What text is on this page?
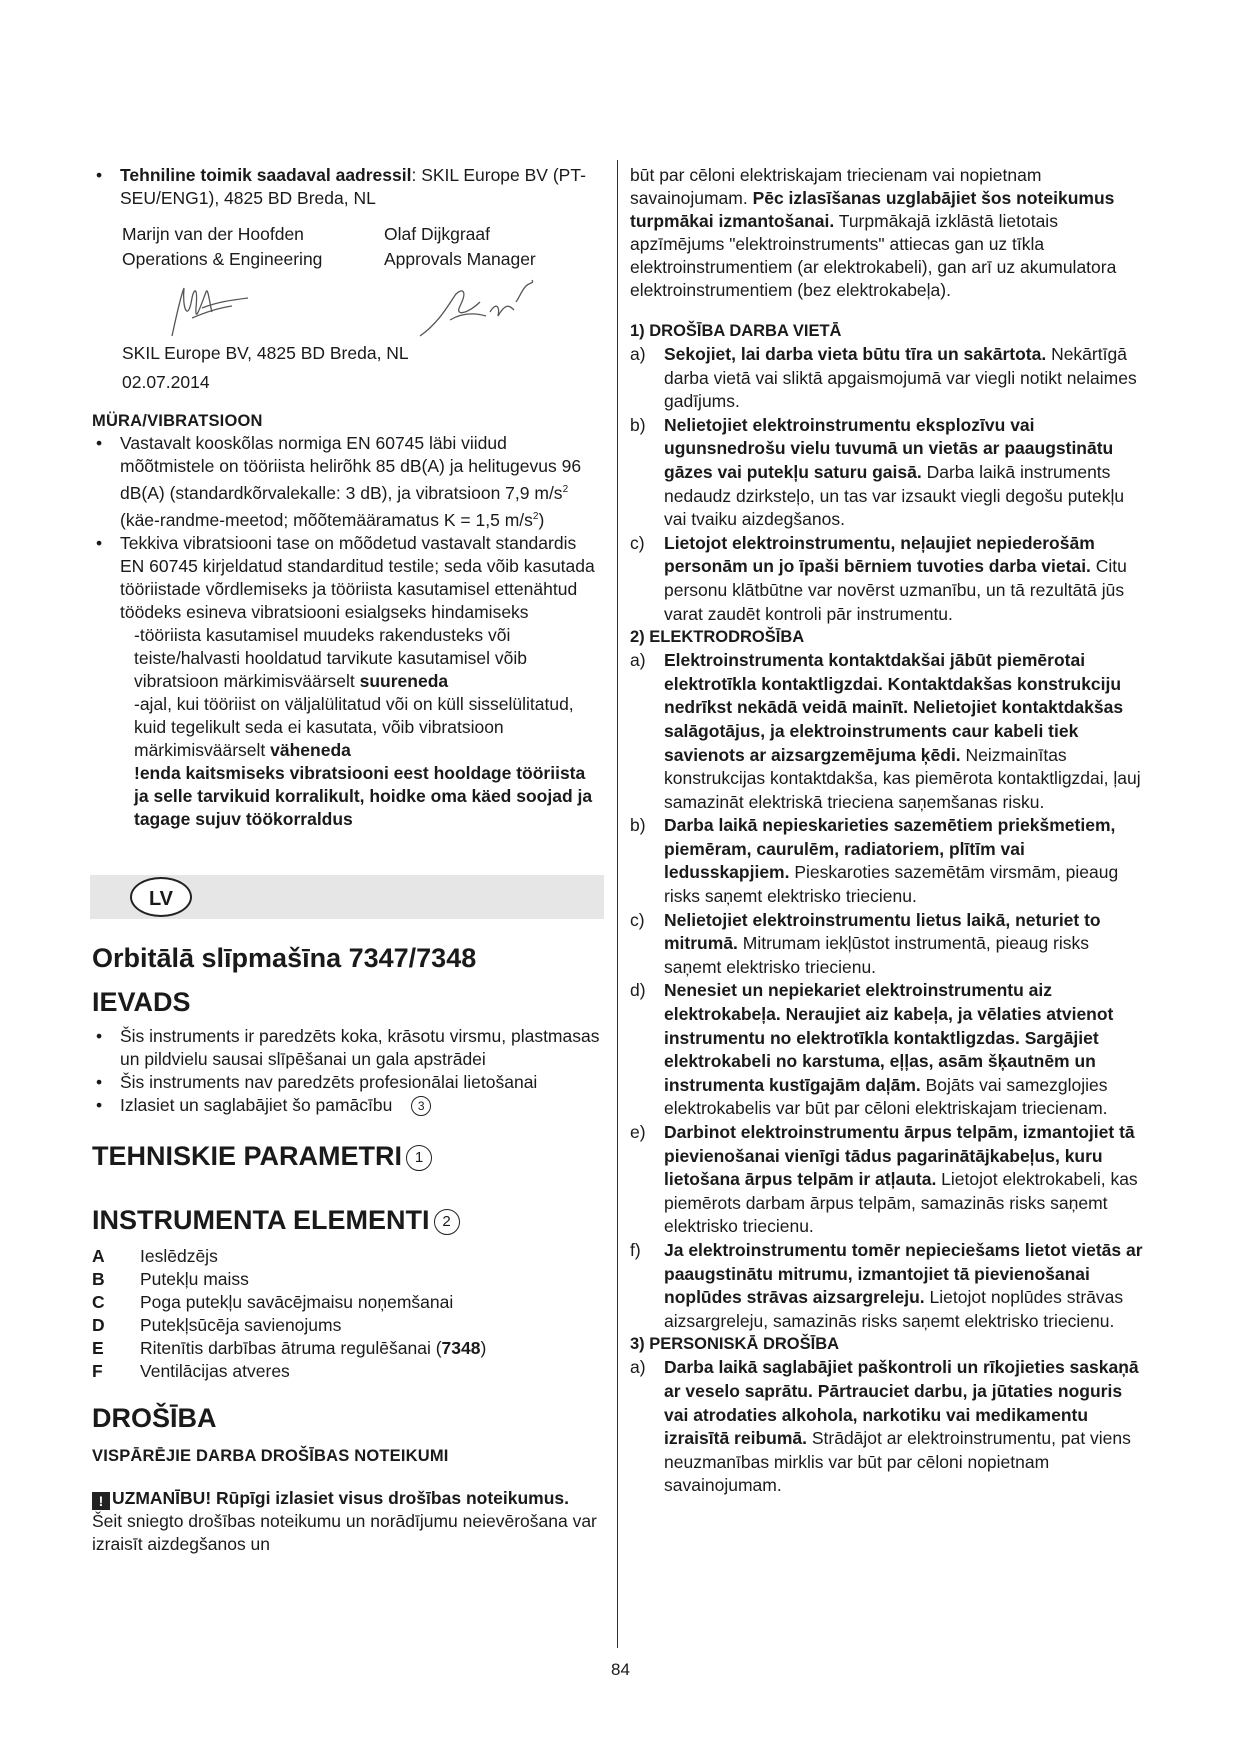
• Tehniline toimik saadaval aadressil: SKIL Europe BV (PT-SEU/ENG1), 4825 BD Breda, NL
Marijn van der Hoofden	Olaf Dijkgraaf
Operations & Engineering	Approvals Manager
SKIL Europe BV, 4825 BD Breda, NL
02.07.2014
MÜRA/VIBRATSIOON
• Vastavalt kooskõlas normiga EN 60745 läbi viidud mõõtmistele on tööriista helirõhk 85 dB(A) ja helitugevus 96 dB(A) (standardkõrvalekalle: 3 dB), ja vibratsioon 7,9 $m/s^2$ (käe-randme-meetod; mõõtemääramatus K = 1,5 $m/s^2$)
• Tekkiva vibratsiooni tase on mõõdetud vastavalt standardis EN 60745 kirjeldatud standarditud testile; seda võib kasutada tööriistade võrdlemiseks ja tööriista kasutamisel ettenähtud töödeks esineva vibratsiooni esialgseks hindamiseks
-tööriista kasutamisel muudeks rakendusteks või teiste/halvasti hooldatud tarvikute kasutamisel võib vibratsioon märkimisväärselt suureneda
-ajal, kui tööriist on väljalülitatud või on küll sisselülitatud, kuid tegelikult seda ei kasutata, võib vibratsioon märkimisväärselt väheneda
!enda kaitsmiseks vibratsiooni eest hooldage tööriista ja selle tarvikuid korralikult, hoidke oma käed soojad ja tagage sujuv töökorraldus
LV
Orbitālā slīpmašīna 7347/7348
IEVADS
• Šis instruments ir paredzēts koka, krāsotu virsmu, plastmasas un pildvielu sausai slīpēšanai un gala apstrādei
• Šis instruments nav paredzēts profesionālai lietošanai
• Izlasiet un saglabājiet šo pamācību 3
TEHNISKIE PARAMETRI 1
INSTRUMENTA ELEMENTI 2
A	Ieslēdzējs
B	Putekļu maiss
C	Poga putekļu savācējmaisu noņemšanai
D	Putekļsūcēja savienojums
E	Ritenītis darbības ātruma regulēšanai (7348)
F	Ventilācijas atveres
DROŠĪBA
VISPĀRĒJIE DARBA DROŠĪBAS NOTEIKUMI
! UZMANĪBU! Rūpīgi izlasiet visus drošības noteikumus. Šeit sniegto drošības noteikumu un norādījumu neievērošana var izraisīt aizdegšanos un
būt par cēloni elektriskajam triecienam vai nopietnam savainojumam. Pēc izlasīšanas uzglabājiet šos noteikumus turpmākai izmantošanai. Turpmākajā izklāstā lietotais apzīmējums "elektroinstruments" attiecas gan uz tīkla elektroinstrumentiem (ar elektrokabeli), gan arī uz akumulatora elektroinstrumentiem (bez elektrokabeļa).
1) DROŠĪBA DARBA VIETĀ
a) Sekojiet, lai darba vieta būtu tīra un sakārtota. Nekārtīgā darba vietā vai sliktā apgaismojumā var viegli notikt nelaimes gadījums.
b) Nelietojiet elektroinstrumentu eksplozīvu vai ugunsnedrošu vielu tuvumā un vietās ar paaugstinātu gāzes vai putekļu saturu gaisā. Darba laikā instruments nedaudz dzirksteļo, un tas var izsaukt viegli degošu putekļu vai tvaiku aizdegšanos.
c) Lietojot elektroinstrumentu, neļaujiet nepiederošām personām un jo īpaši bērniem tuvoties darba vietai. Citu personu klātbūtne var novērst uzmanību, un tā rezultātā jūs varat zaudēt kontroli pār instrumentu.
2) ELEKTRODROŠĪBA
a) Elektroinstrumenta kontaktdakšai jābūt piemērotai elektrotīkla kontaktligzdai. Kontaktdakšas konstrukciju nedrīkst nekādā veidā mainīt. Nelietojiet kontaktdakšas salāgotājus, ja elektroinstruments caur kabeli tiek savienots ar aizsargzemējuma ķēdi. Neizmainītas konstrukcijas kontaktdakša, kas piemērota kontaktligzdai, ļauj samazināt elektriskā trieciena saņemšanas risku.
b) Darba laikā nepieskarieties sazemētiem priekšmetiem, piemēram, caurulēm, radiatoriem, plītīm vai ledusskapjiem. Pieskaroties sazemētām virsmām, pieaug risks saņemt elektrisko triecienu.
c) Nelietojiet elektroinstrumentu lietus laikā, neturiet to mitrumā. Mitrumam iekļūstot instrumentā, pieaug risks saņemt elektrisko triecienu.
d) Nenesiet un nepiekariet elektroinstrumentu aiz elektrokabeļa. Neraujiet aiz kabeļa, ja vēlaties atvienot instrumentu no elektrotīkla kontaktligzdas. Sargājiet elektrokabeli no karstuma, eļļas, asām šķautnēm un instrumenta kustīgajām daļām. Bojāts vai samezglojies elektrokabelis var būt par cēloni elektriskajam triecienam.
e) Darbinot elektroinstrumentu ārpus telpām, izmantojiet tā pievienošanai vienīgi tādus pagarinātājkabeļus, kuru lietošana ārpus telpām ir atļauta. Lietojot elektrokabeli, kas piemērots darbam ārpus telpām, samazinās risks saņemt elektrisko triecienu.
f) Ja elektroinstrumentu tomēr nepieciešams lietot vietās ar paaugstinātu mitrumu, izmantojiet tā pievienošanai noplūdes strāvas aizsargreleju. Lietojot noplūdes strāvas aizsargreleju, samazinās risks saņemt elektrisko triecienu.
3) PERSONISKĀ DROŠĪBA
a) Darba laikā saglabājiet paškontroli un rīkojieties saskaņā ar veselo saprātu. Pārtrauciet darbu, ja jūtaties noguris vai atrodaties alkohola, narkotiku vai medikamentu izraisītā reibumā. Strādājot ar elektroinstrumentu, pat viens neuzmanības mirklis var būt par cēloni nopietnam savainojumam.
84
